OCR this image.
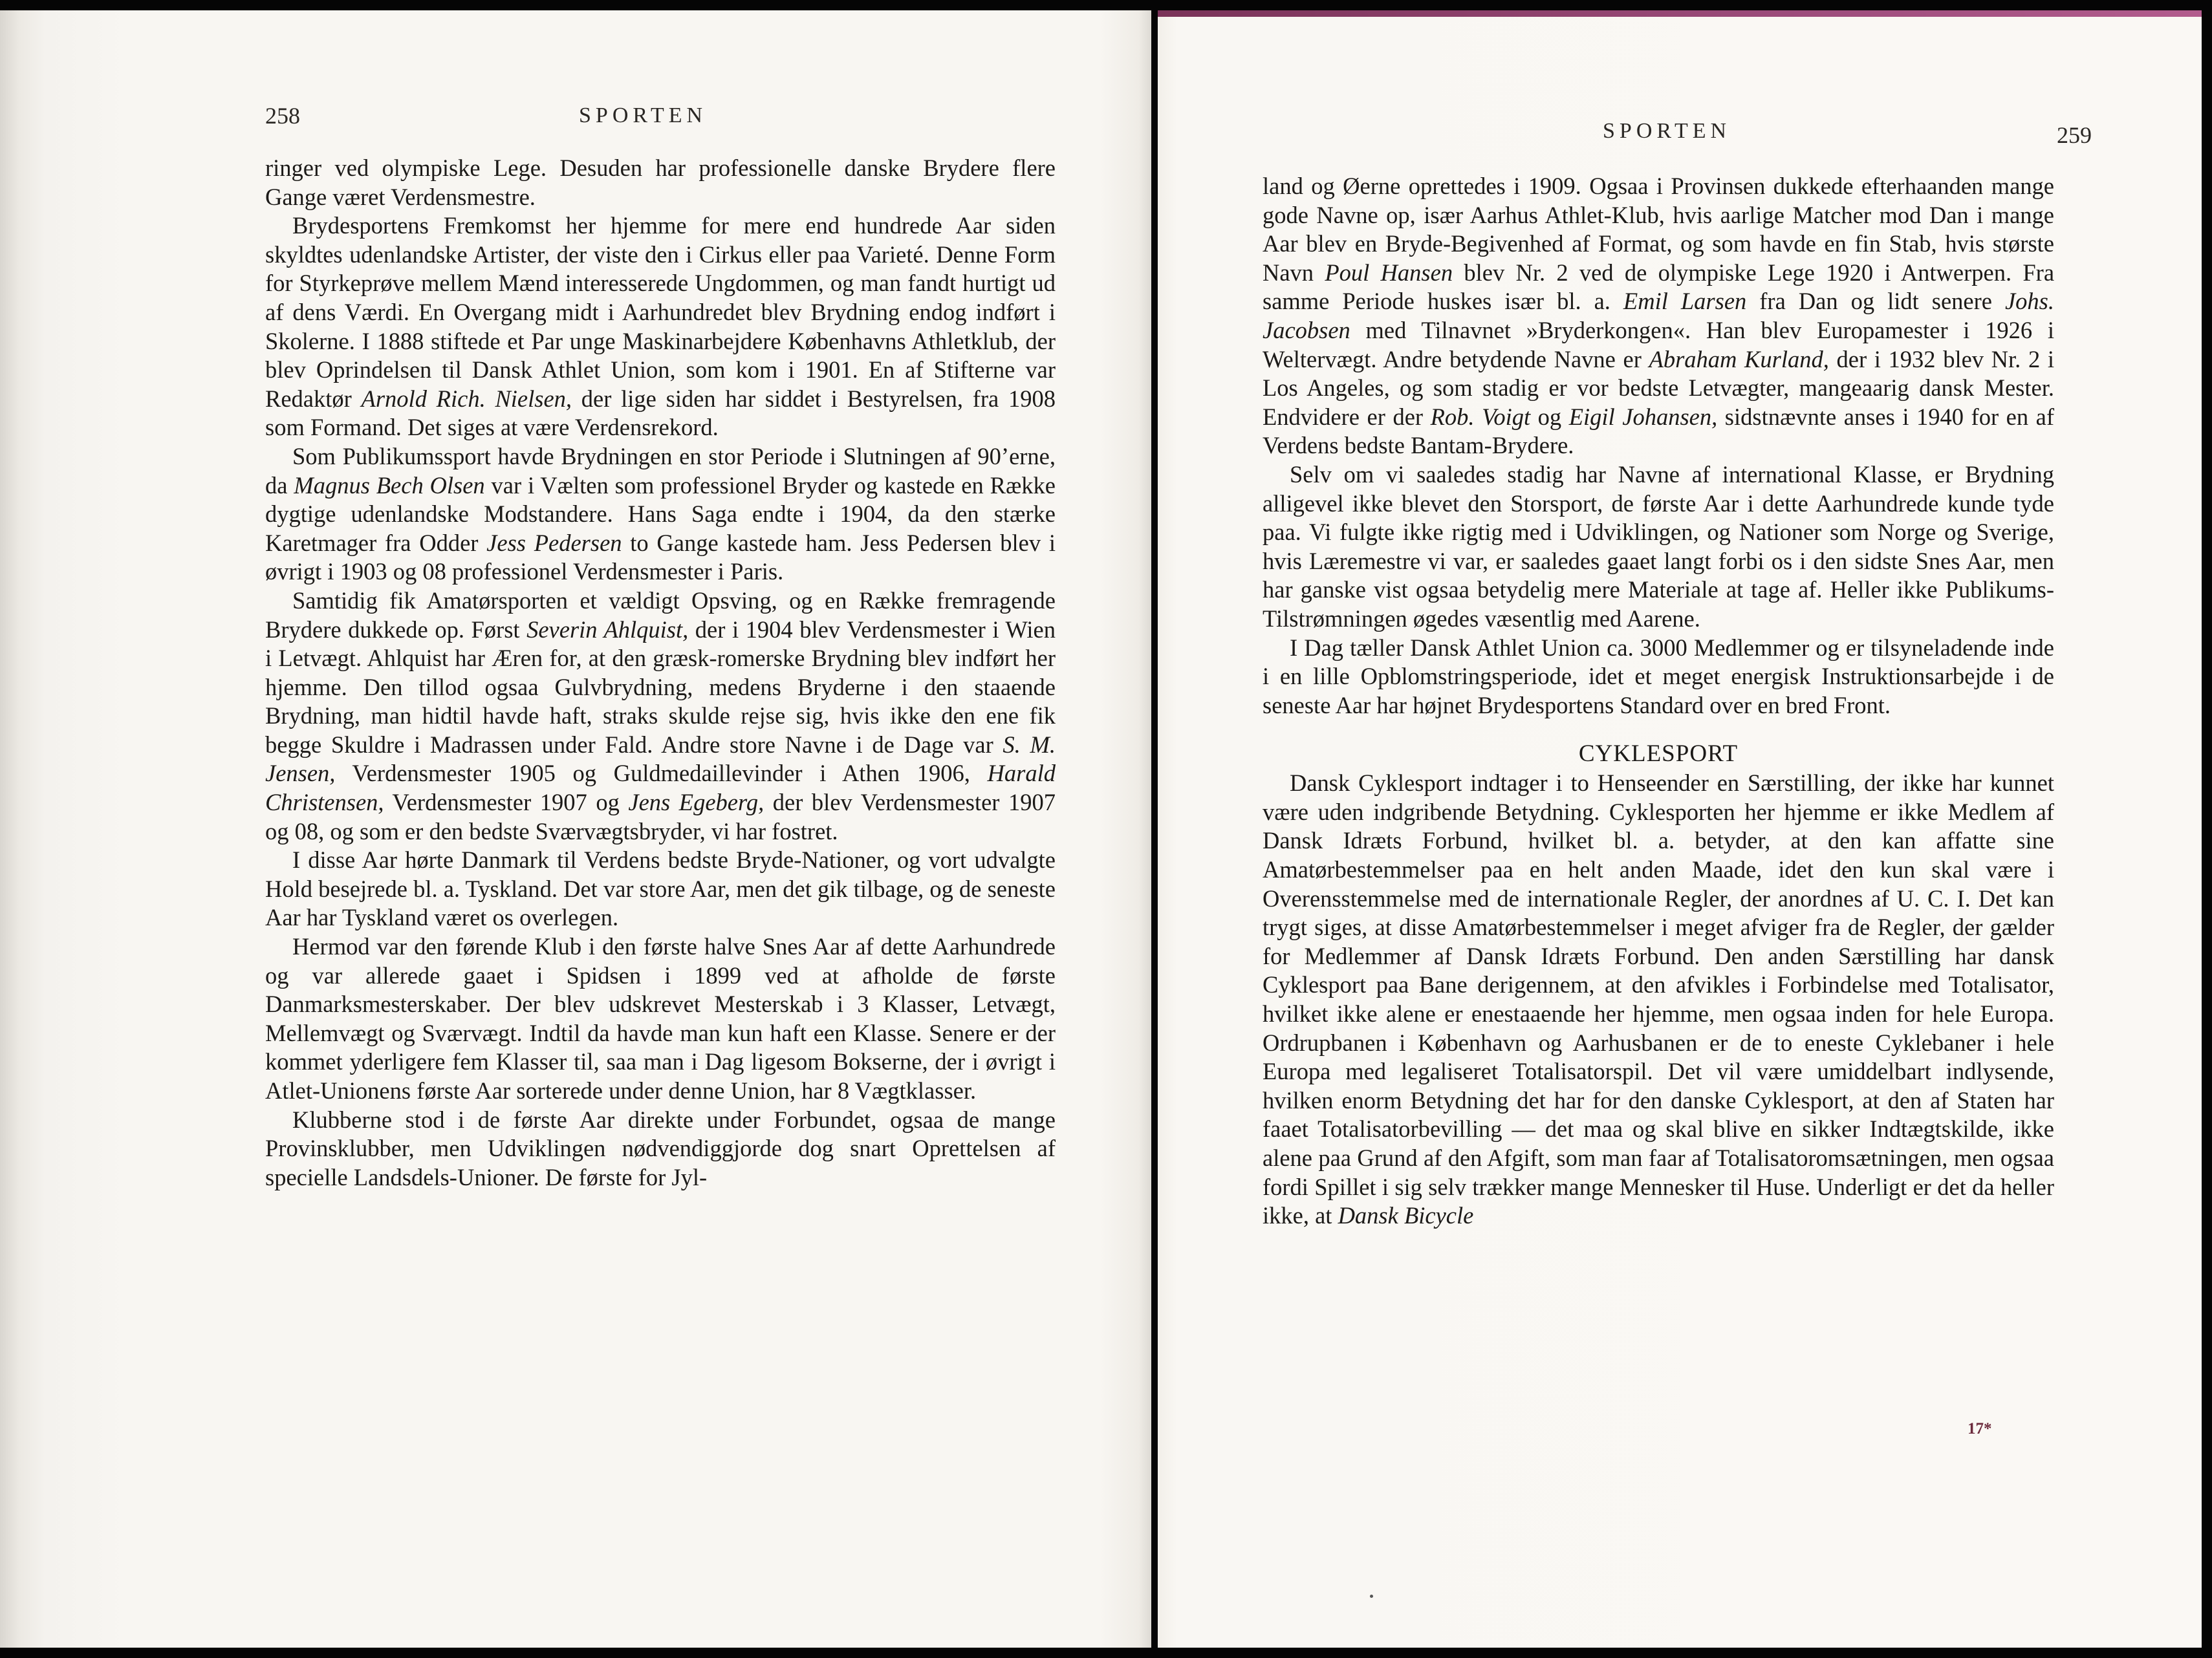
258	SPORTEN

ringer ved olympiske Lege. Desuden har professionelle danske Brydere flere Gange været Verdensmestre.

Brydesportens Fremkomst her hjemme for mere end hundrede Aar siden skyldtes udenlandske Artister, der viste den i Cirkus eller paa Varieté. Denne Form for Styrkeprøve mellem Mænd interesserede Ungdommen, og man fandt hurtigt ud af dens Værdi. En Overgang midt i Aarhundredet blev Brydning endog indført i Skolerne. I 1888 stiftede et Par unge Maskinarbejdere Københavns Athletklub, der blev Oprindelsen til Dansk Athlet Union, som kom i 1901. En af Stifterne var Redaktør Arnold Rich. Nielsen, der lige siden har siddet i Bestyrelsen, fra 1908 som Formand. Det siges at være Verdensrekord.

Som Publikumssport havde Brydningen en stor Periode i Slutningen af 90’erne, da Magnus Bech Olsen var i Vælten som professionel Bryder og kastede en Række dygtige udenlandske Modstandere. Hans Saga endte i 1904, da den stærke Karetmager fra Odder Jess Pedersen to Gange kastede ham. Jess Pedersen blev i øvrigt i 1903 og 08 professionel Verdensmester i Paris.

Samtidig fik Amatørsporten et vældigt Opsving, og en Række fremragende Brydere dukkede op. Først Severin Ahlquist, der i 1904 blev Verdensmester i Wien i Letvægt. Ahlquist har Æren for, at den græsk-romerske Brydning blev indført her hjemme. Den tillod ogsaa Gulvbrydning, medens Bryderne i den staaende Brydning, man hidtil havde haft, straks skulde rejse sig, hvis ikke den ene fik begge Skuldre i Madrassen under Fald. Andre store Navne i de Dage var S. M. Jensen, Verdensmester 1905 og Guldmedaillevinder i Athen 1906, Harald Christensen, Verdensmester 1907 og Jens Egeberg, der blev Verdensmester 1907 og 08, og som er den bedste Sværvægtsbryder, vi har fostret.

I disse Aar hørte Danmark til Verdens bedste Bryde-Nationer, og vort udvalgte Hold besejrede bl. a. Tyskland. Det var store Aar, men det gik tilbage, og de seneste Aar har Tyskland været os overlegen.

Hermod var den førende Klub i den første halve Snes Aar af dette Aarhundrede og var allerede gaaet i Spidsen i 1899 ved at afholde de første Danmarksmesterskaber. Der blev udskrevet Mesterskab i 3 Klasser, Letvægt, Mellemvægt og Sværvægt. Indtil da havde man kun haft een Klasse. Senere er der kommet yderligere fem Klasser til, saa man i Dag ligesom Bokserne, der i øvrigt i Atlet-Unionens første Aar sorterede under denne Union, har 8 Vægtklasser.

Klubberne stod i de første Aar direkte under Forbundet, ogsaa de mange Provinsklubber, men Udviklingen nødvendiggjorde dog snart Oprettelsen af specielle Landsdels-Unioner. De første for Jyl-

SPORTEN	259

land og Øerne oprettedes i 1909. Ogsaa i Provinsen dukkede efterhaanden mange gode Navne op, især Aarhus Athlet-Klub, hvis aarlige Matcher mod Dan i mange Aar blev en Bryde-Begivenhed af Format, og som havde en fin Stab, hvis største Navn Poul Hansen blev Nr. 2 ved de olympiske Lege 1920 i Antwerpen. Fra samme Periode huskes især bl. a. Emil Larsen fra Dan og lidt senere Johs. Jacobsen med Tilnavnet »Bryderkongen«. Han blev Europamester i 1926 i Weltervægt. Andre betydende Navne er Abraham Kurland, der i 1932 blev Nr. 2 i Los Angeles, og som stadig er vor bedste Letvægter, mangeaarig dansk Mester. Endvidere er der Rob. Voigt og Eigil Johansen, sidstnævnte anses i 1940 for en af Verdens bedste Bantam-Brydere.

Selv om vi saaledes stadig har Navne af international Klasse, er Brydning alligevel ikke blevet den Storsport, de første Aar i dette Aarhundrede kunde tyde paa. Vi fulgte ikke rigtig med i Udviklingen, og Nationer som Norge og Sverige, hvis Læremestre vi var, er saaledes gaaet langt forbi os i den sidste Snes Aar, men har ganske vist ogsaa betydelig mere Materiale at tage af. Heller ikke Publikums-Tilstrømningen øgedes væsentlig med Aarene.

I Dag tæller Dansk Athlet Union ca. 3000 Medlemmer og er tilsyneladende inde i en lille Opblomstringsperiode, idet et meget energisk Instruktionsarbejde i de seneste Aar har højnet Brydesportens Standard over en bred Front.

CYKLESPORT

Dansk Cyklesport indtager i to Henseender en Særstilling, der ikke har kunnet være uden indgribende Betydning. Cyklesporten her hjemme er ikke Medlem af Dansk Idræts Forbund, hvilket bl. a. betyder, at den kan affatte sine Amatørbestemmelser paa en helt anden Maade, idet den kun skal være i Overensstemmelse med de internationale Regler, der anordnes af U. C. I. Det kan trygt siges, at disse Amatørbestemmelser i meget afviger fra de Regler, der gælder for Medlemmer af Dansk Idræts Forbund. Den anden Særstilling har dansk Cyklesport paa Bane derigennem, at den afvikles i Forbindelse med Totalisator, hvilket ikke alene er enestaaende her hjemme, men ogsaa inden for hele Europa. Ordrupbanen i København og Aarhusbanen er de to eneste Cyklebaner i hele Europa med legaliseret Totalisatorspil. Det vil være umiddelbart indlysende, hvilken enorm Betydning det har for den danske Cyklesport, at den af Staten har faaet Totalisatorbevilling — det maa og skal blive en sikker Indtægtskilde, ikke alene paa Grund af den Afgift, som man faar af Totalisatoromsætningen, men ogsaa fordi Spillet i sig selv trækker mange Mennesker til Huse. Underligt er det da heller ikke, at Dansk Bicycle

17*
